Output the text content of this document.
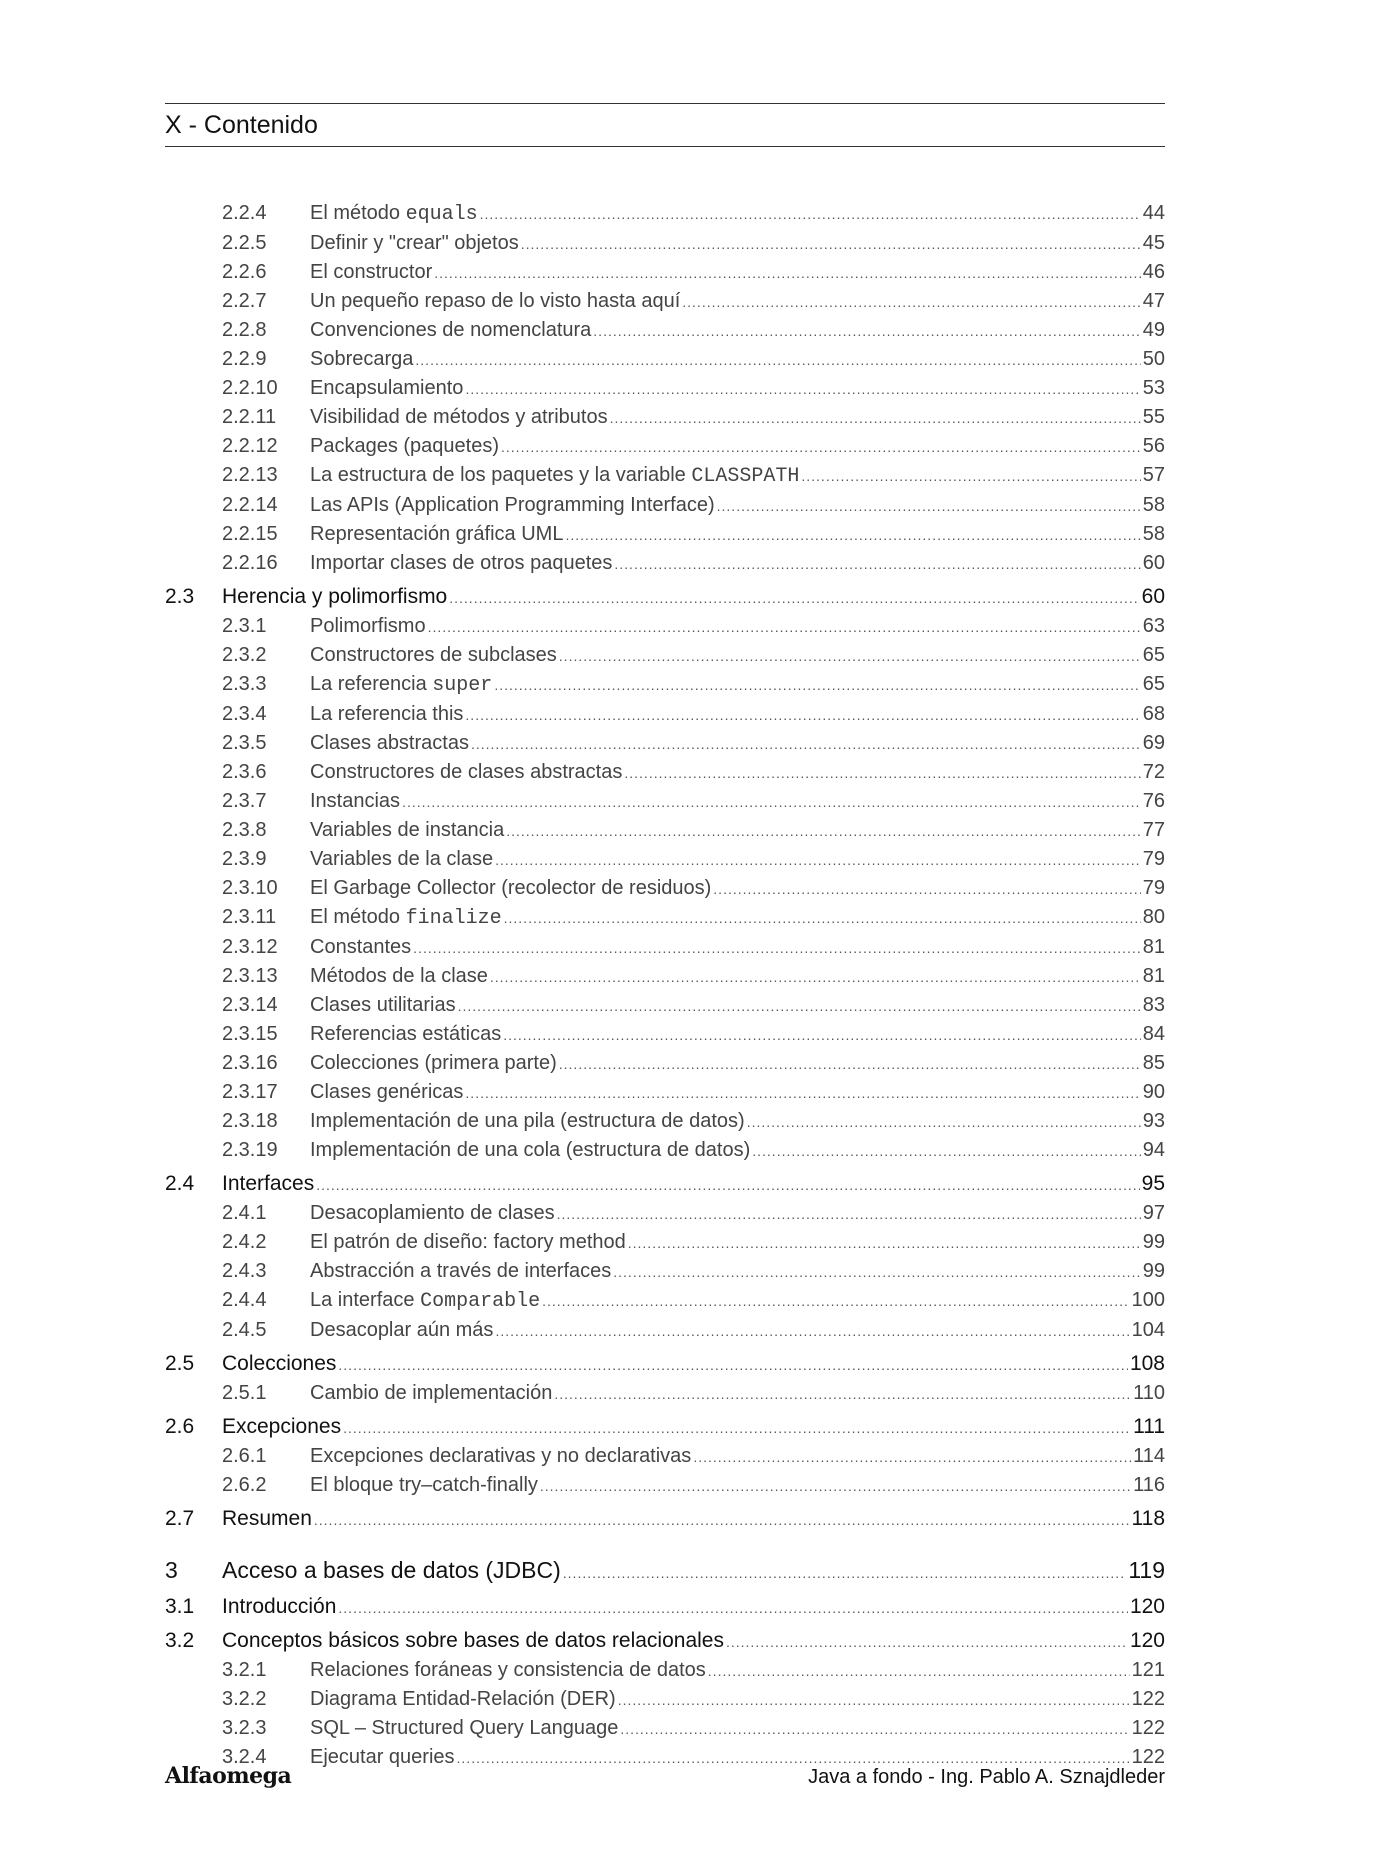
X - Contenido
2.2.4	El método equals .....	44
2.2.5	Definir y "crear" objetos .....	45
2.2.6	El constructor .....	46
2.2.7	Un pequeño repaso de lo visto hasta aquí .....	47
2.2.8	Convenciones de nomenclatura .....	49
2.2.9	Sobrecarga .....	50
2.2.10	Encapsulamiento .....	53
2.2.11	Visibilidad de métodos y atributos .....	55
2.2.12	Packages (paquetes) .....	56
2.2.13	La estructura de los paquetes y la variable CLASSPATH .....	57
2.2.14	Las APIs (Application Programming Interface) .....	58
2.2.15	Representación gráfica UML .....	58
2.2.16	Importar clases de otros paquetes .....	60
2.3	Herencia y polimorfismo .....	60
2.3.1	Polimorfismo .....	63
2.3.2	Constructores de subclases .....	65
2.3.3	La referencia super .....	65
2.3.4	La referencia this .....	68
2.3.5	Clases abstractas .....	69
2.3.6	Constructores de clases abstractas .....	72
2.3.7	Instancias .....	76
2.3.8	Variables de instancia .....	77
2.3.9	Variables de la clase .....	79
2.3.10	El Garbage Collector (recolector de residuos) .....	79
2.3.11	El método finalize .....	80
2.3.12	Constantes .....	81
2.3.13	Métodos de la clase .....	81
2.3.14	Clases utilitarias .....	83
2.3.15	Referencias estáticas .....	84
2.3.16	Colecciones (primera parte) .....	85
2.3.17	Clases genéricas .....	90
2.3.18	Implementación de una pila (estructura de datos) .....	93
2.3.19	Implementación de una cola (estructura de datos) .....	94
2.4	Interfaces .....	95
2.4.1	Desacoplamiento de clases .....	97
2.4.2	El patrón de diseño: factory method .....	99
2.4.3	Abstracción a través de interfaces .....	99
2.4.4	La interface Comparable .....	100
2.4.5	Desacoplar aún más .....	104
2.5	Colecciones .....	108
2.5.1	Cambio de implementación .....	110
2.6	Excepciones .....	111
2.6.1	Excepciones declarativas y no declarativas .....	114
2.6.2	El bloque try–catch-finally .....	116
2.7	Resumen .....	118
3	Acceso a bases de datos (JDBC) .....	119
3.1	Introducción .....	120
3.2	Conceptos básicos sobre bases de datos relacionales .....	120
3.2.1	Relaciones foráneas y consistencia de datos .....	121
3.2.2	Diagrama Entidad-Relación (DER) .....	122
3.2.3	SQL – Structured Query Language .....	122
3.2.4	Ejecutar queries .....	122
Alfaomega	Java a fondo - Ing. Pablo A. Sznajdleder
